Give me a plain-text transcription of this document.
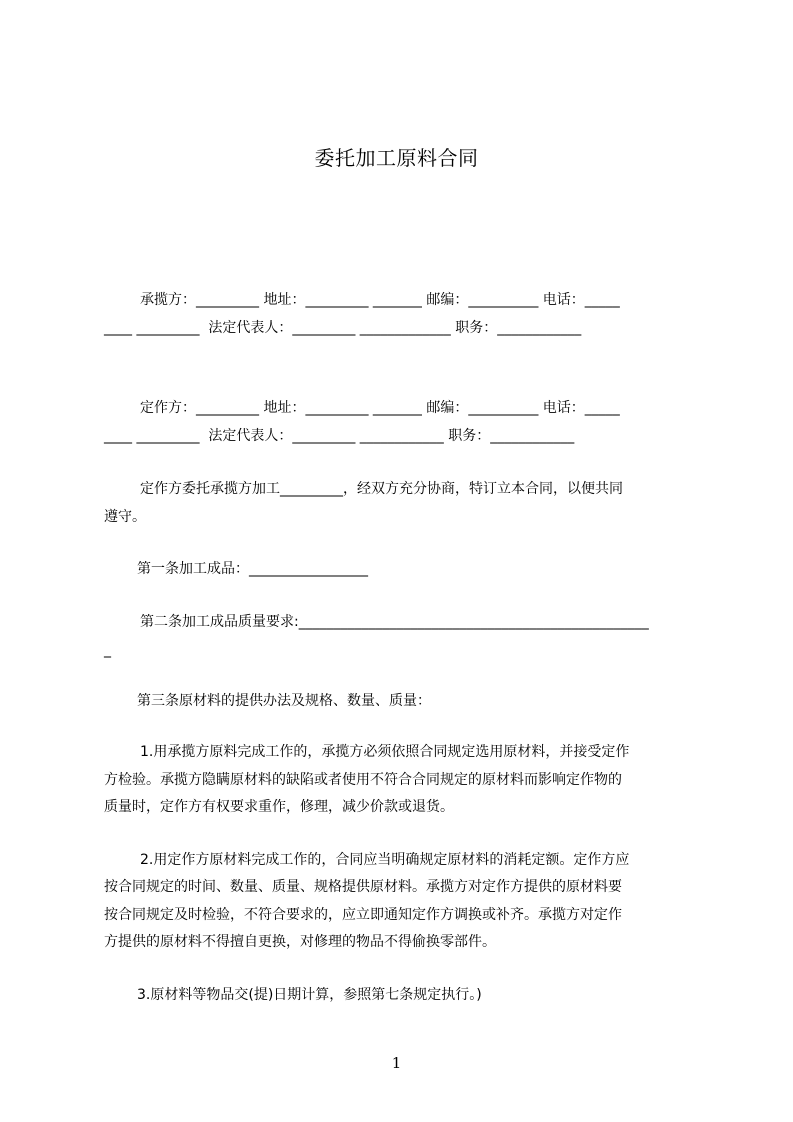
委托加工原料合同
承揽方：_________ 地址：_________ _______ 邮编：__________ 电话：_____
____ _________  法定代表人：_________ _____________ 职务：____________
定作方：_________ 地址：_________ _______ 邮编：__________ 电话：_____
____ _________  法定代表人：_________ ____________ 职务：____________
定作方委托承揽方加工_________，经双方充分协商，特订立本合同，以便共同
遵守。
第一条加工成品：_________________
第二条加工成品质量要求:__________________________________________________
_
第三条原材料的提供办法及规格、数量、质量：
1.用承揽方原料完成工作的，承揽方必须依照合同规定选用原材料，并接受定作
方检验。承揽方隐瞒原材料的缺陷或者使用不符合合同规定的原材料而影响定作物的
质量时，定作方有权要求重作，修理，减少价款或退货。
2.用定作方原材料完成工作的，合同应当明确规定原材料的消耗定额。定作方应
按合同规定的时间、数量、质量、规格提供原材料。承揽方对定作方提供的原材料要
按合同规定及时检验，不符合要求的，应立即通知定作方调换或补齐。承揽方对定作
方提供的原材料不得擅自更换，对修理的物品不得偷换零部件。
3.原材料等物品交(提)日期计算，参照第七条规定执行。)
1
